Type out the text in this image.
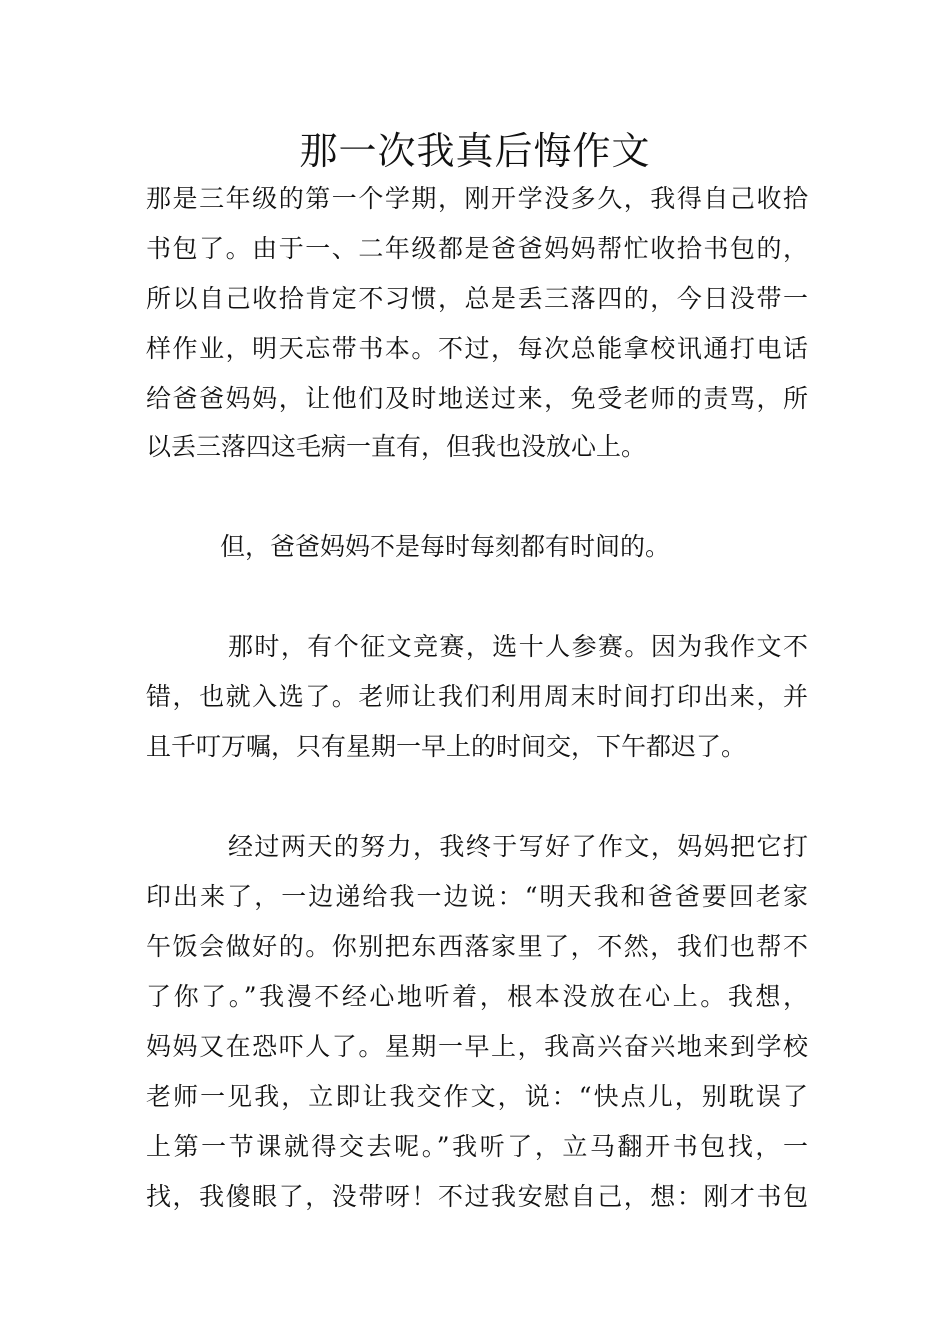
那一次我真后悔作文
那是三年级的第一个学期，刚开学没多久，我得自己收拾
书包了。由于一、二年级都是爸爸妈妈帮忙收拾书包的，
所以自己收拾肯定不习惯，总是丢三落四的，今日没带一
样作业，明天忘带书本。不过，每次总能拿校讯通打电话
给爸爸妈妈，让他们及时地送过来，免受老师的责骂，所
以丢三落四这毛病一直有，但我也没放心上。
但，爸爸妈妈不是每时每刻都有时间的。
那时，有个征文竞赛，选十人参赛。因为我作文不
错，也就入选了。老师让我们利用周末时间打印出来，并
且千叮万嘱，只有星期一早上的时间交，下午都迟了。
经过两天的努力，我终于写好了作文，妈妈把它打
印出来了，一边递给我一边说：“明天我和爸爸要回老家
午饭会做好的。你别把东西落家里了，不然，我们也帮不
了你了。”我漫不经心地听着，根本没放在心上。我想，
妈妈又在恐吓人了。星期一早上，我高兴奋兴地来到学校
老师一见我，立即让我交作文，说：“快点儿，别耽误了
上第一节课就得交去呢。”我听了，立马翻开书包找，一
找，我傻眼了，没带呀！不过我安慰自己，想：刚才书包
